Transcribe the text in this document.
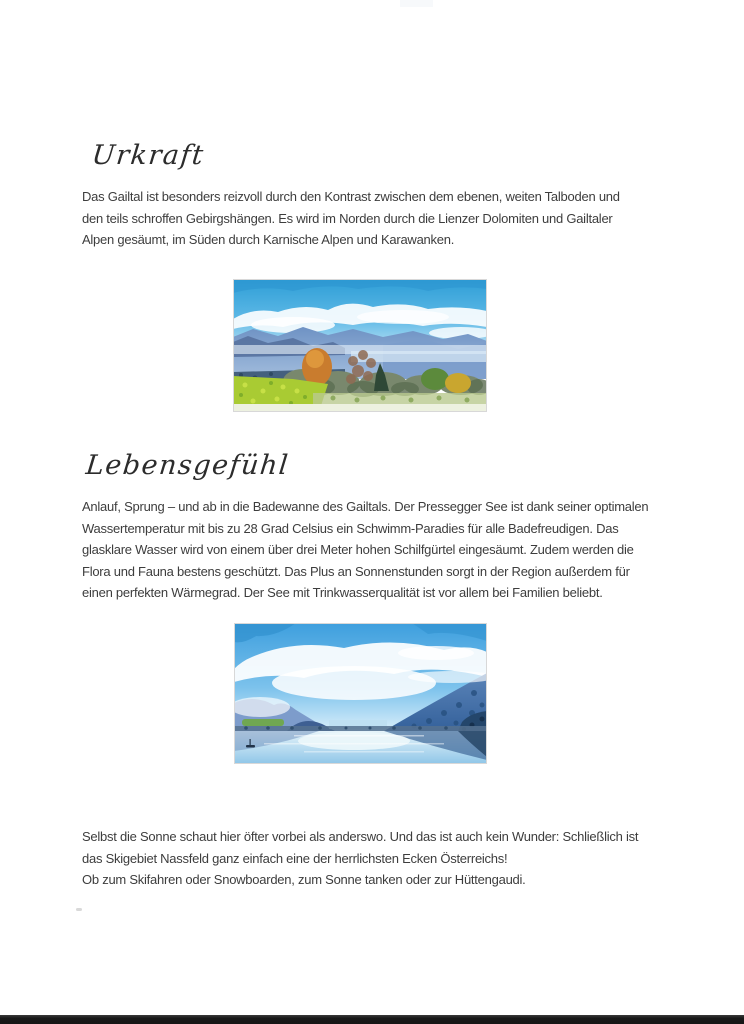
Urkraft
Das Gailtal ist besonders reizvoll durch den Kontrast zwischen dem ebenen, weiten Talboden und
den teils schroffen Gebirgshängen. Es wird im Norden durch die Lienzer Dolomiten und Gailtaler
Alpen gesäumt, im Süden durch Karnische Alpen und Karawanken.
Lebensgefühl
Anlauf, Sprung – und ab in die Badewanne des Gailtals. Der Pressegger See ist dank seiner optimalen
Wassertemperatur mit bis zu 28 Grad Celsius ein Schwimm-Paradies für alle Badefreudigen. Das
glasklare Wasser wird von einem über drei Meter hohen Schilfgürtel eingesäumt. Zudem werden die
Flora und Fauna bestens geschützt. Das Plus an Sonnenstunden sorgt in der Region außerdem für
einen perfekten Wärmegrad. Der See mit Trinkwasserqualität ist vor allem bei Familien beliebt.
Selbst die Sonne schaut hier öfter vorbei als anderswo. Und das ist auch kein Wunder: Schließlich ist
das Skigebiet Nassfeld ganz einfach eine der herrlichsten Ecken Österreichs!
Ob zum Skifahren oder Snowboarden, zum Sonne tanken oder zur Hüttengaudi.
